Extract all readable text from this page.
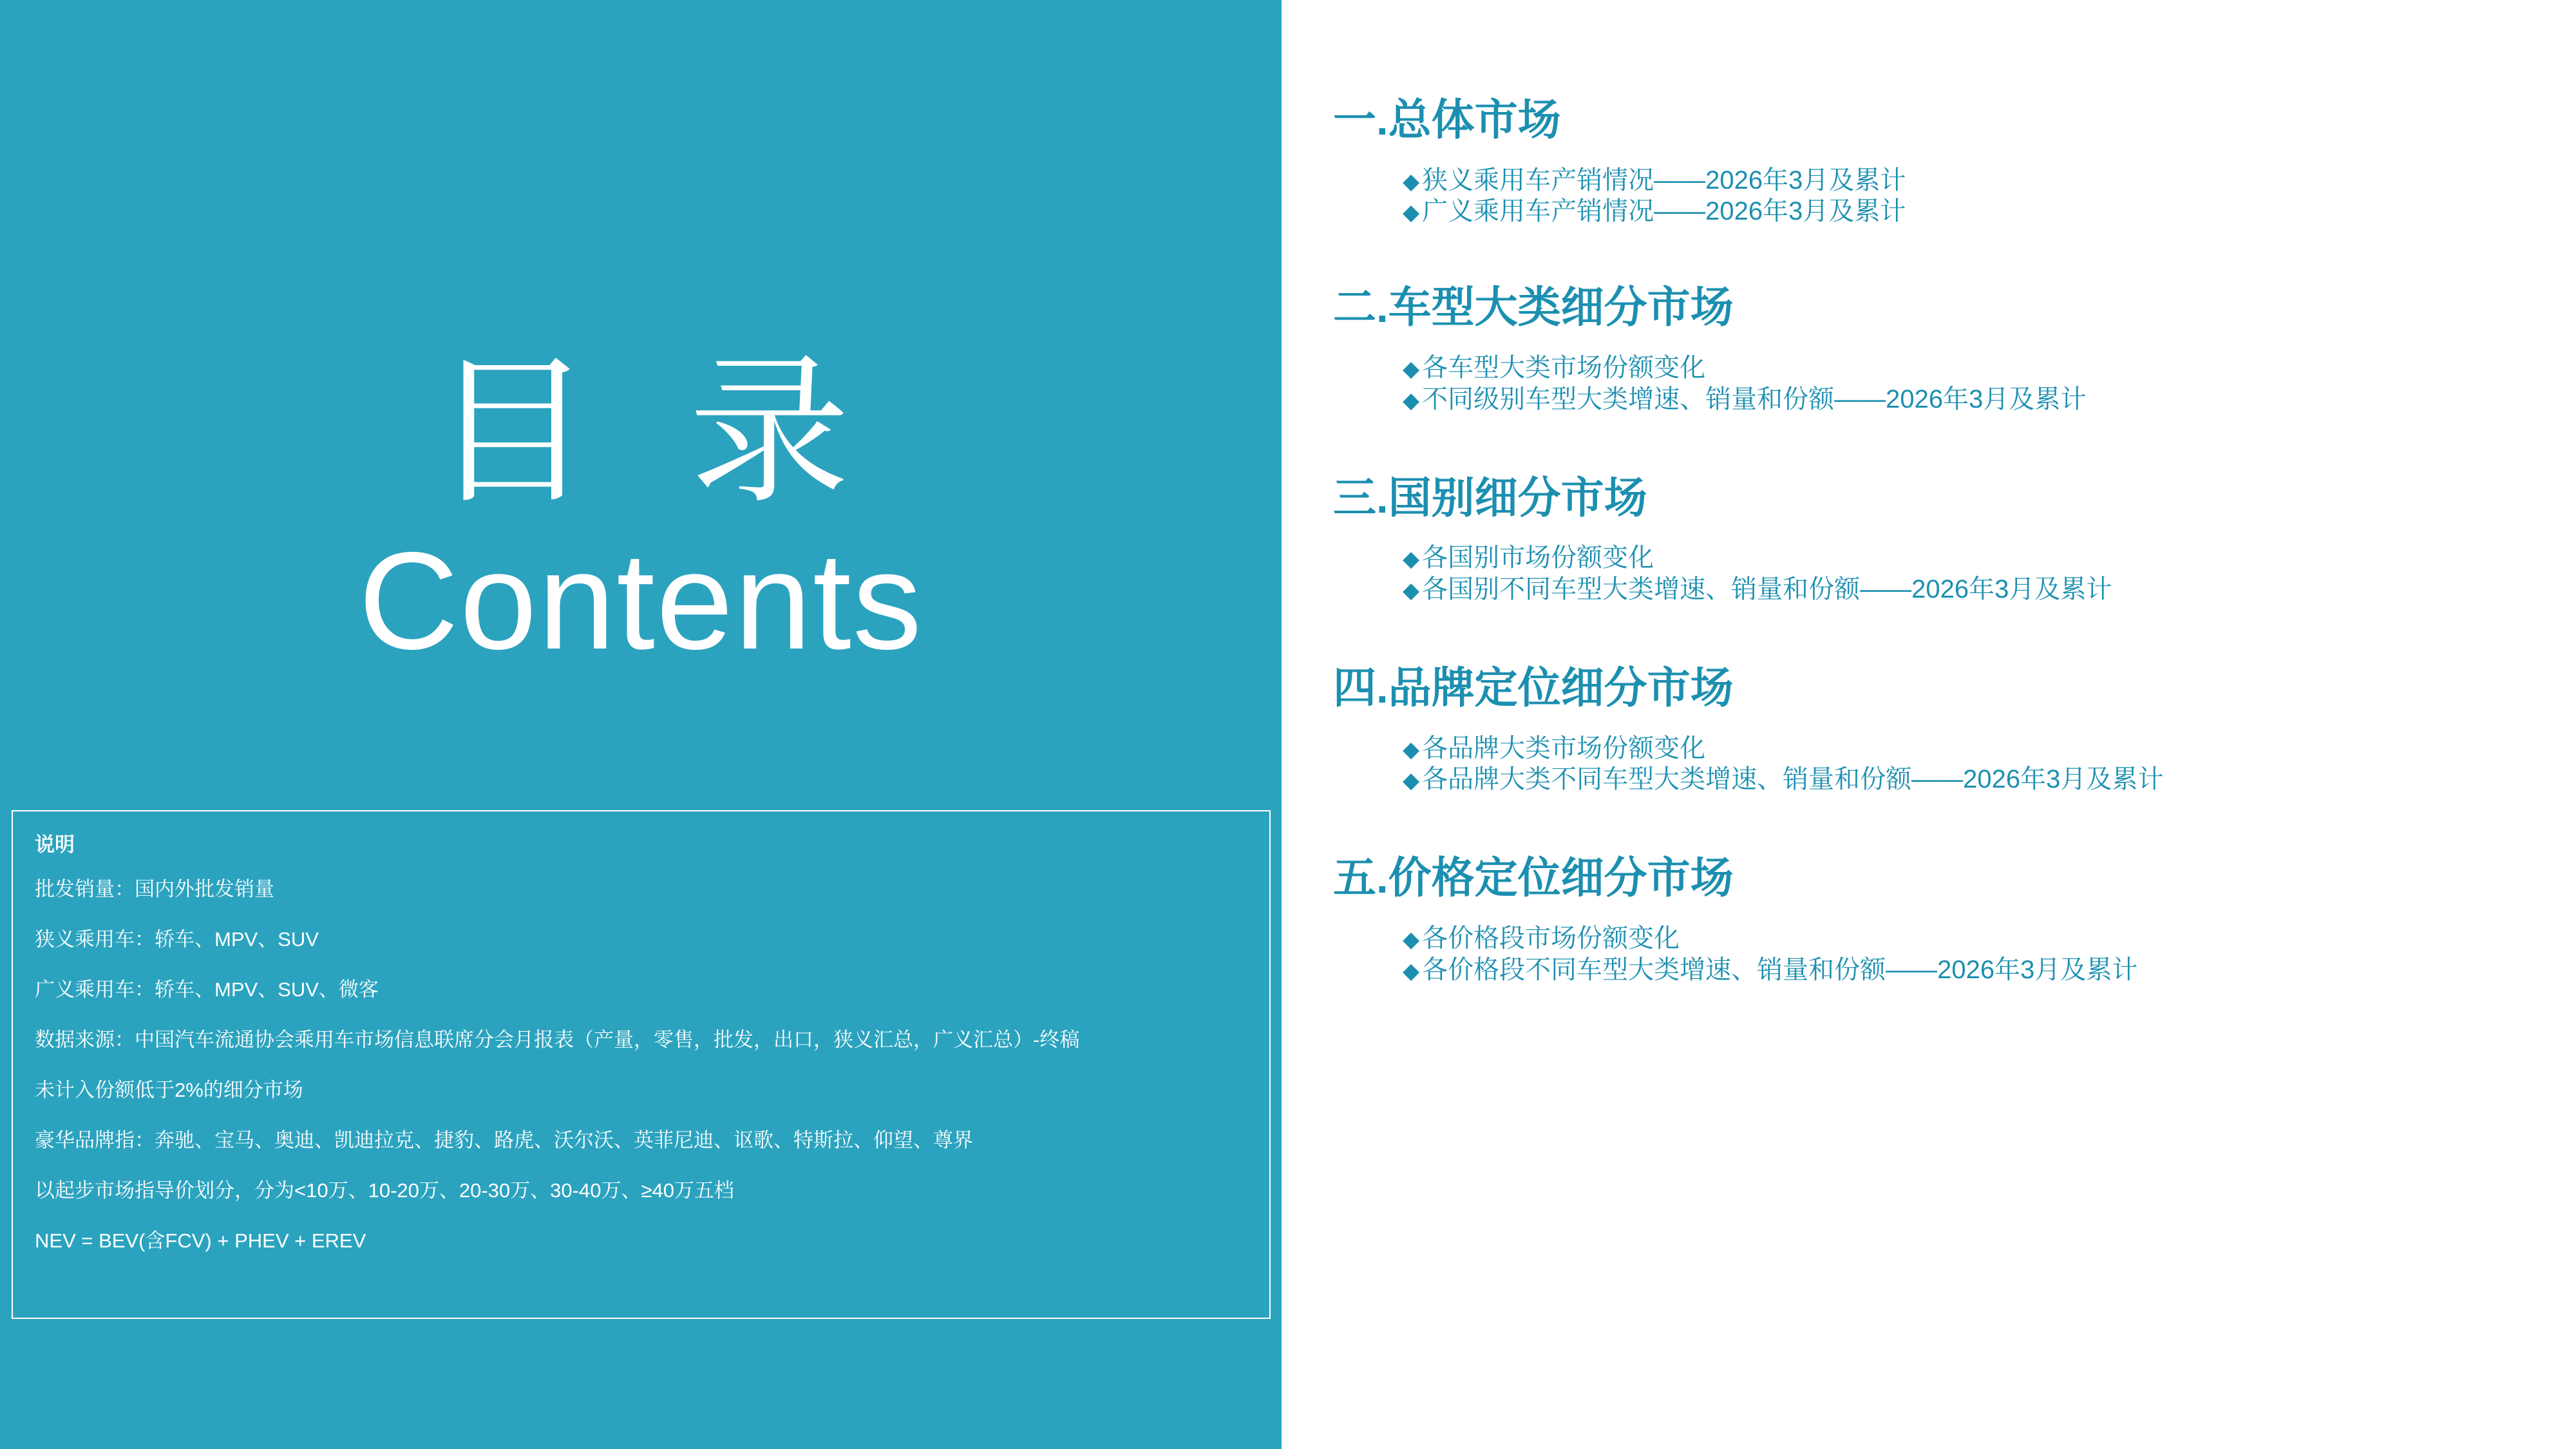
目 录
Contents
说明
批发销量：国内外批发销量
狭义乘用车：轿车、MPV、SUV
广义乘用车：轿车、MPV、SUV、微客
数据来源：中国汽车流通协会乘用车市场信息联席分会月报表（产量，零售，批发，出口，狭义汇总，广义汇总）-终稿
未计入份额低于2%的细分市场
豪华品牌指：奔驰、宝马、奥迪、凯迪拉克、捷豹、路虎、沃尔沃、英菲尼迪、讴歌、特斯拉、仰望、尊界
以起步市场指导价划分，分为<10万、10-20万、20-30万、30-40万、≥40万五档
NEV = BEV(含FCV) + PHEV + EREV
一.总体市场
◆ 狭义乘用车产销情况——2026年3月及累计
◆ 广义乘用车产销情况——2026年3月及累计
二.车型大类细分市场
◆ 各车型大类市场份额变化
◆ 不同级别车型大类增速、销量和份额——2026年3月及累计
三.国别细分市场
◆ 各国别市场份额变化
◆ 各国别不同车型大类增速、销量和份额——2026年3月及累计
四.品牌定位细分市场
◆ 各品牌大类市场份额变化
◆ 各品牌大类不同车型大类增速、销量和份额——2026年3月及累计
五.价格定位细分市场
◆ 各价格段市场份额变化
◆ 各价格段不同车型大类增速、销量和份额——2026年3月及累计
